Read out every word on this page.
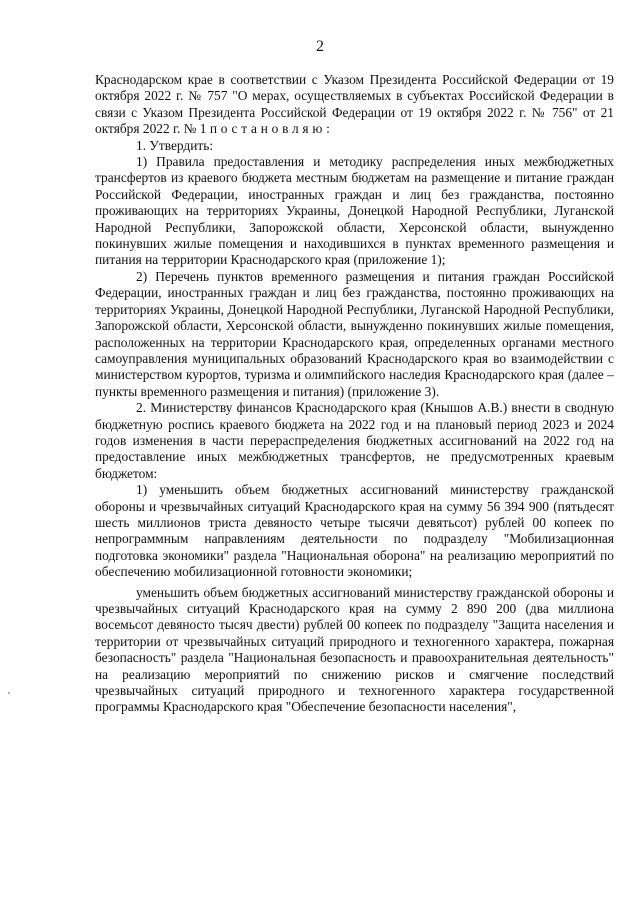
2

Краснодарском крае в соответствии с Указом Президента Российской Федерации от 19 октября 2022 г. № 757 "О мерах, осуществляемых в субъектах Российской Федерации в связи с Указом Президента Российской Федерации от 19 октября 2022 г. № 756" от 21 октября 2022 г. № 1 постановляю:

1. Утвердить:

1) Правила предоставления и методику распределения иных межбюджетных трансфертов из краевого бюджета местным бюджетам на размещение и питание граждан Российской Федерации, иностранных граждан и лиц без гражданства, постоянно проживающих на территориях Украины, Донецкой Народной Республики, Луганской Народной Республики, Запорожской области, Херсонской области, вынужденно покинувших жилые помещения и находившихся в пунктах временного размещения и питания на территории Краснодарского края (приложение 1);

2) Перечень пунктов временного размещения и питания граждан Российской Федерации, иностранных граждан и лиц без гражданства, постоянно проживающих на территориях Украины, Донецкой Народной Республики, Луганской Народной Республики, Запорожской области, Херсонской области, вынужденно покинувших жилые помещения, расположенных на территории Краснодарского края, определенных органами местного самоуправления муниципальных образований Краснодарского края во взаимодействии с министерством курортов, туризма и олимпийского наследия Краснодарского края (далее – пункты временного размещения и питания) (приложение 3).

2. Министерству финансов Краснодарского края (Кнышов А.В.) внести в сводную бюджетную роспись краевого бюджета на 2022 год и на плановый период 2023 и 2024 годов изменения в части перераспределения бюджетных ассигнований на 2022 год на предоставление иных межбюджетных трансфертов, не предусмотренных краевым бюджетом:

1) уменьшить объем бюджетных ассигнований министерству гражданской обороны и чрезвычайных ситуаций Краснодарского края на сумму 56 394 900 (пятьдесят шесть миллионов триста девяносто четыре тысячи девятьсот) рублей 00 копеек по непрограммным направлениям деятельности по подразделу "Мобилизационная подготовка экономики" раздела "Национальная оборона" на реализацию мероприятий по обеспечению мобилизационной готовности экономики;

уменьшить объем бюджетных ассигнований министерству гражданской обороны и чрезвычайных ситуаций Краснодарского края на сумму 2 890 200 (два миллиона восемьсот девяносто тысяч двести) рублей 00 копеек по подразделу "Защита населения и территории от чрезвычайных ситуаций природного и техногенного характера, пожарная безопасность" раздела "Национальная безопасность и правоохранительная деятельность" на реализацию мероприятий по снижению рисков и смягчение последствий чрезвычайных ситуаций природного и техногенного характера государственной программы Краснодарского края "Обеспечение безопасности населения",
